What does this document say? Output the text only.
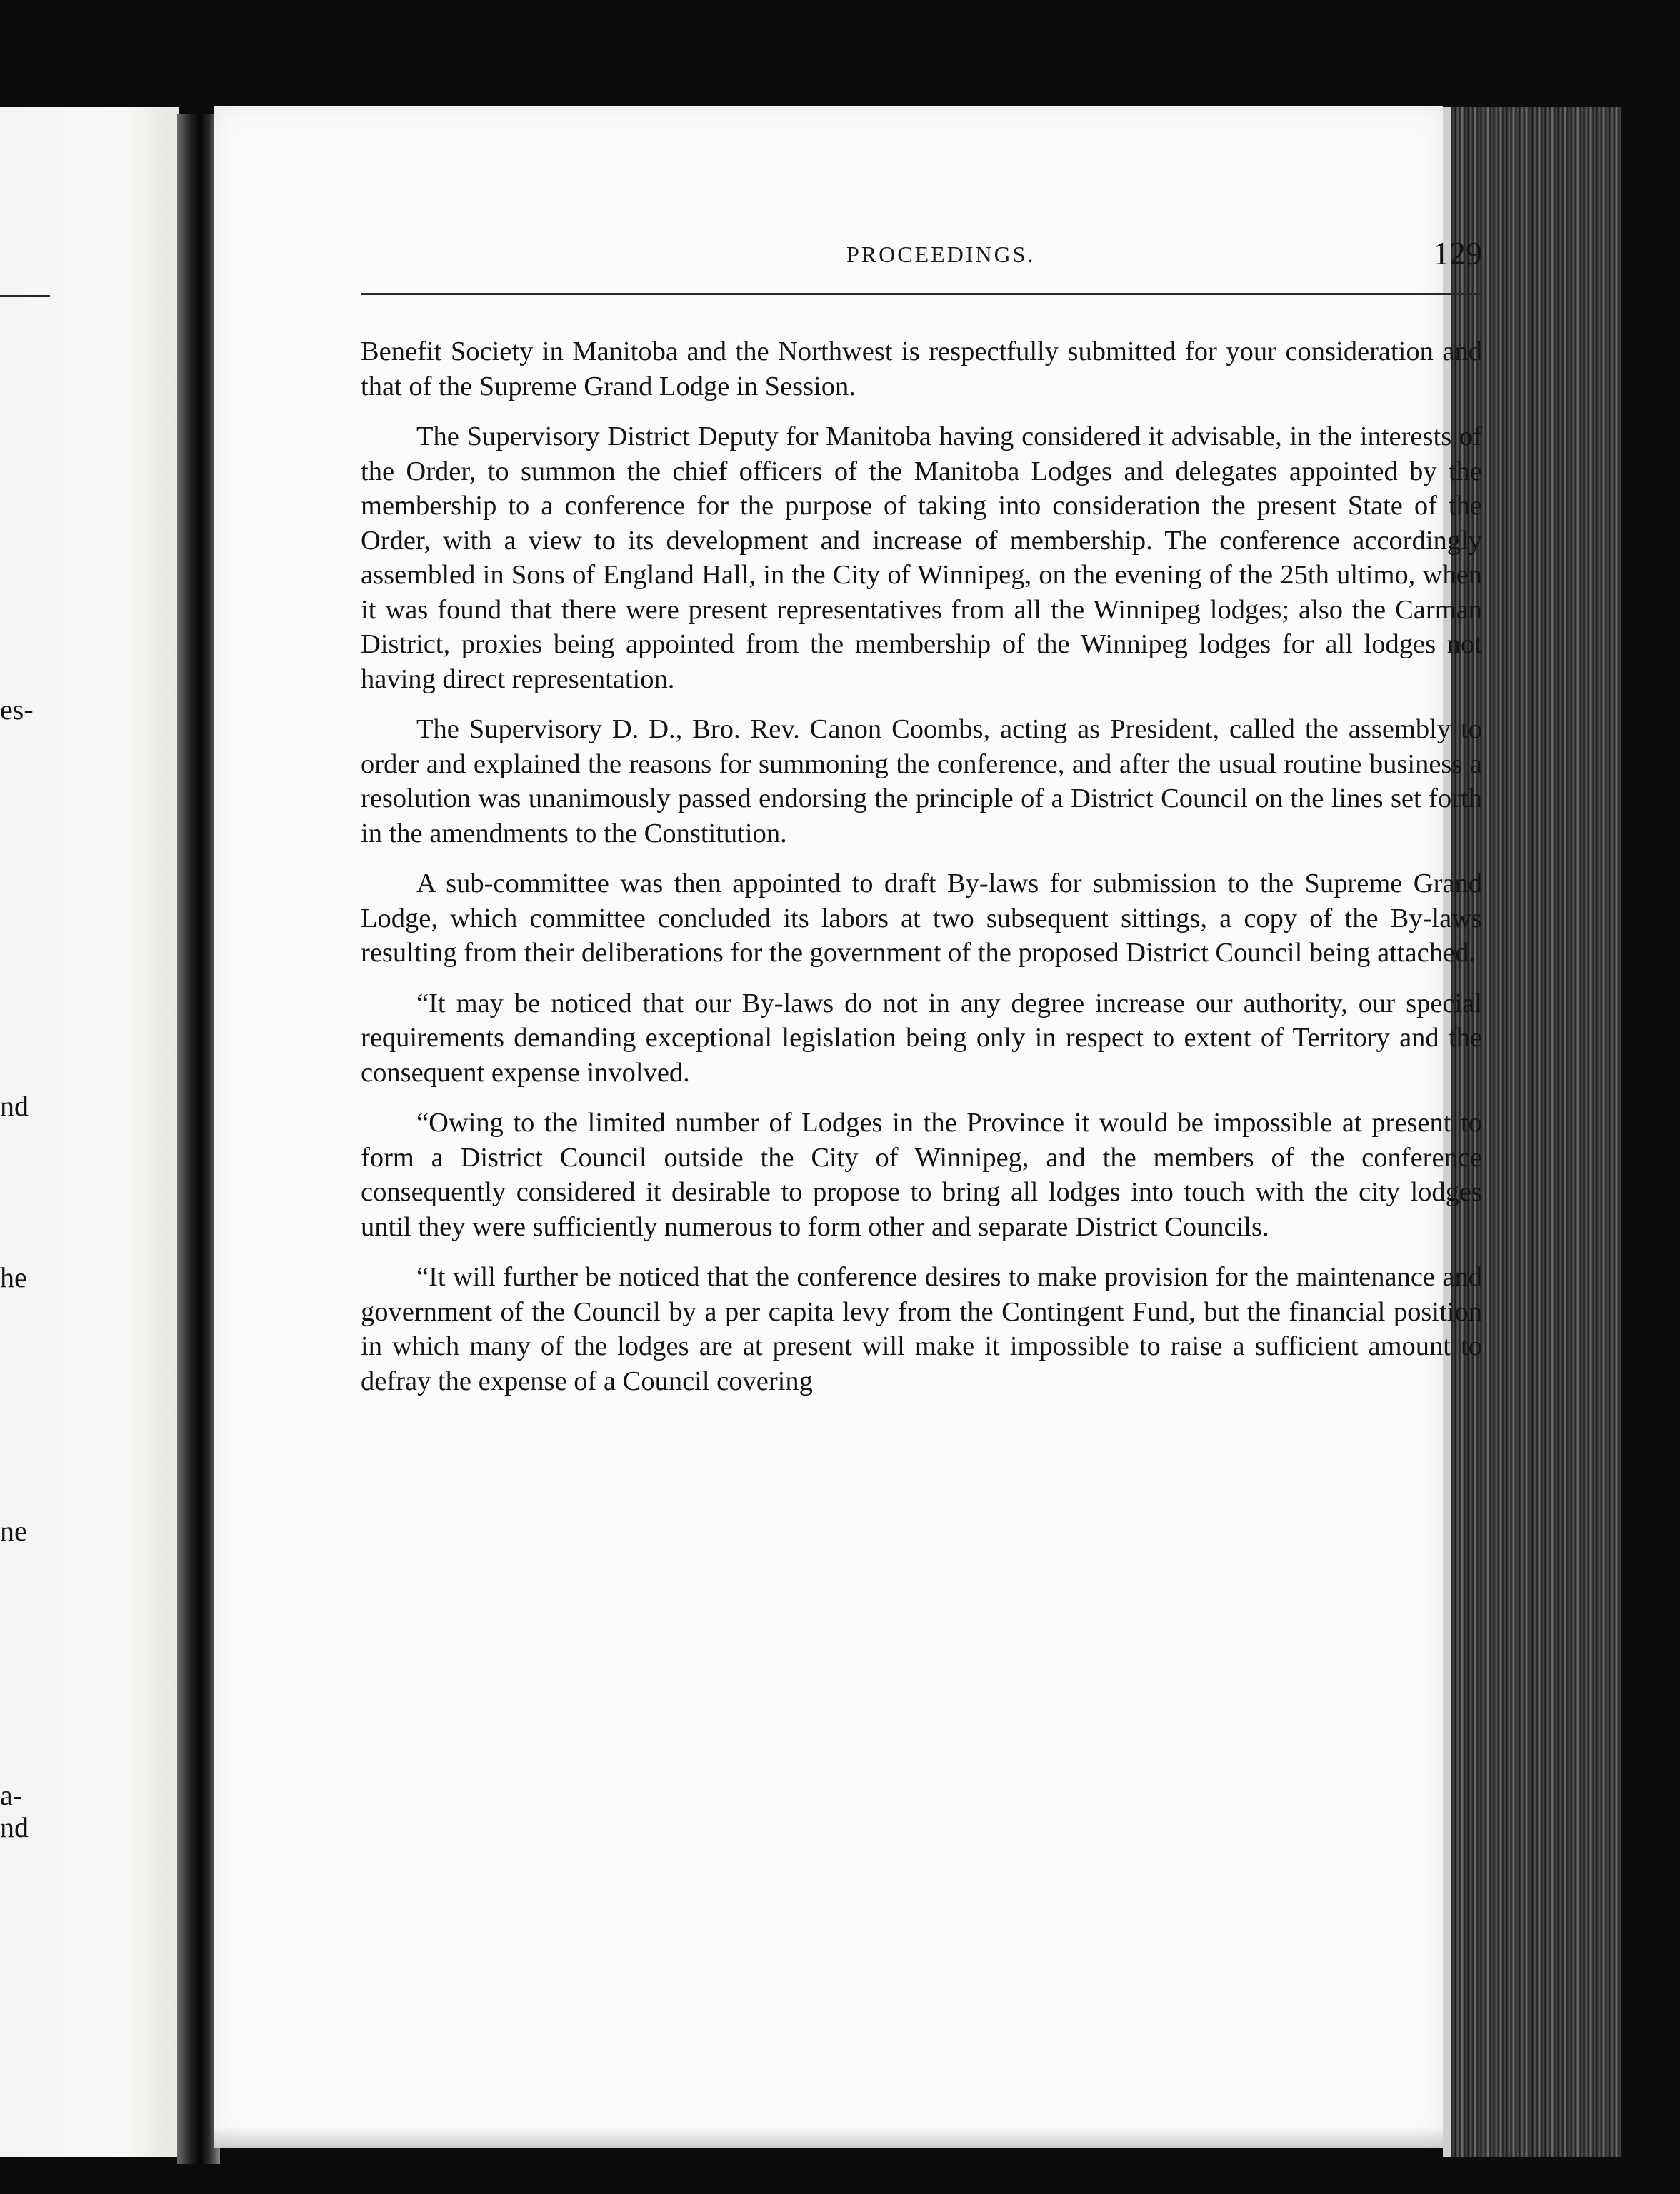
es-
nd
he
ne
a-
nd
PROCEEDINGS.	129

Benefit Society in Manitoba and the Northwest is respectfully submitted for your consideration and that of the Supreme Grand Lodge in Session.

The Supervisory District Deputy for Manitoba having considered it advisable, in the interests of the Order, to summon the chief officers of the Manitoba Lodges and delegates appointed by the membership to a conference for the purpose of taking into consideration the present State of the Order, with a view to its development and increase of membership. The conference accordingly assembled in Sons of England Hall, in the City of Winnipeg, on the evening of the 25th ultimo, when it was found that there were present representatives from all the Winnipeg lodges; also the Carman District, proxies being appointed from the membership of the Winnipeg lodges for all lodges not having direct representation.

The Supervisory D. D., Bro. Rev. Canon Coombs, acting as President, called the assembly to order and explained the reasons for summoning the conference, and after the usual routine business a resolution was unanimously passed endorsing the principle of a District Council on the lines set forth in the amendments to the Constitution.

A sub-committee was then appointed to draft By-laws for submission to the Supreme Grand Lodge, which committee concluded its labors at two subsequent sittings, a copy of the By-laws resulting from their deliberations for the government of the proposed District Council being attached.

“It may be noticed that our By-laws do not in any degree increase our authority, our special requirements demanding exceptional legislation being only in respect to extent of Territory and the consequent expense involved.

“Owing to the limited number of Lodges in the Province it would be impossible at present to form a District Council outside the City of Winnipeg, and the members of the conference consequently considered it desirable to propose to bring all lodges into touch with the city lodges until they were sufficiently numerous to form other and separate District Councils.

“It will further be noticed that the conference desires to make provision for the maintenance and government of the Council by a per capita levy from the Contingent Fund, but the financial position in which many of the lodges are at present will make it impossible to raise a sufficient amount to defray the expense of a Council covering
